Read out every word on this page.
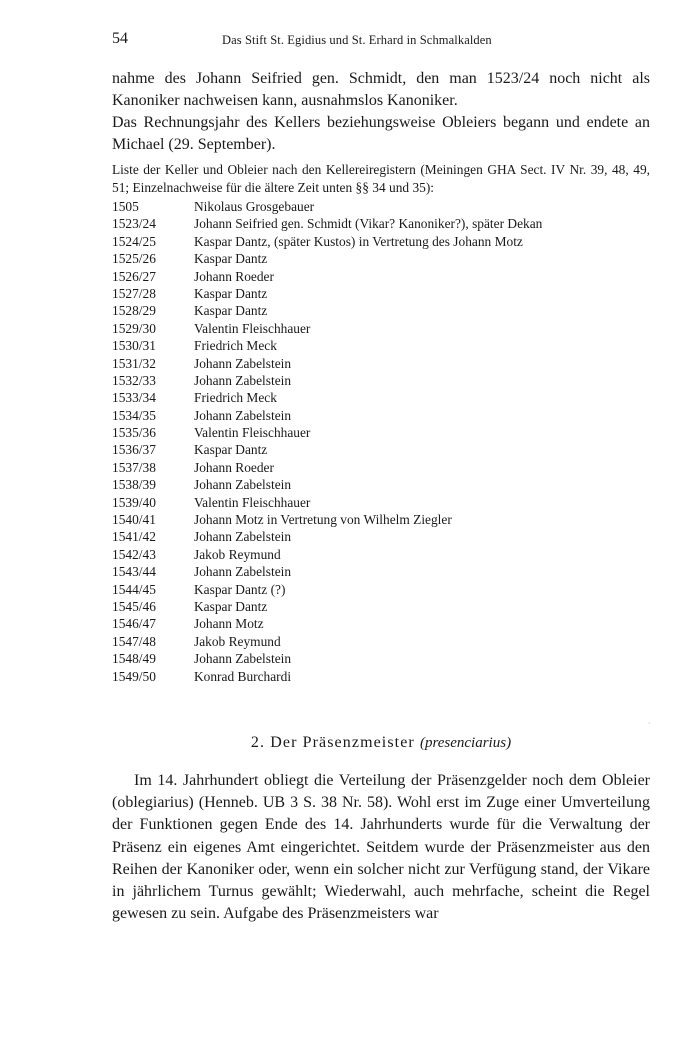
54	Das Stift St. Egidius und St. Erhard in Schmalkalden

nahme des Johann Seifried gen. Schmidt, den man 1523/24 noch nicht als Kanoniker nachweisen kann, ausnahmslos Kanoniker.

Das Rechnungsjahr des Kellers beziehungsweise Obleiers begann und endete an Michael (29. September).

Liste der Keller und Obleier nach den Kellereiregistern (Meiningen GHA Sect. IV Nr. 39, 48, 49, 51; Einzelnachweise für die ältere Zeit unten §§ 34 und 35):
1505	Nikolaus Grosgebauer
1523/24	Johann Seifried gen. Schmidt (Vikar? Kanoniker?), später Dekan
1524/25	Kaspar Dantz, (später Kustos) in Vertretung des Johann Motz
1525/26	Kaspar Dantz
1526/27	Johann Roeder
1527/28	Kaspar Dantz
1528/29	Kaspar Dantz
1529/30	Valentin Fleischhauer
1530/31	Friedrich Meck
1531/32	Johann Zabelstein
1532/33	Johann Zabelstein
1533/34	Friedrich Meck
1534/35	Johann Zabelstein
1535/36	Valentin Fleischhauer
1536/37	Kaspar Dantz
1537/38	Johann Roeder
1538/39	Johann Zabelstein
1539/40	Valentin Fleischhauer
1540/41	Johann Motz in Vertretung von Wilhelm Ziegler
1541/42	Johann Zabelstein
1542/43	Jakob Reymund
1543/44	Johann Zabelstein
1544/45	Kaspar Dantz (?)
1545/46	Kaspar Dantz
1546/47	Johann Motz
1547/48	Jakob Reymund
1548/49	Johann Zabelstein
1549/50	Konrad Burchardi
·
2. Der Präsenzmeister (presenciarius)

Im 14. Jahrhundert obliegt die Verteilung der Präsenzgelder noch dem Obleier (oblegiarius) (Henneb. UB 3 S. 38 Nr. 58). Wohl erst im Zuge einer Umverteilung der Funktionen gegen Ende des 14. Jahrhunderts wurde für die Verwaltung der Präsenz ein eigenes Amt eingerichtet. Seitdem wurde der Präsenzmeister aus den Reihen der Kanoniker oder, wenn ein solcher nicht zur Verfügung stand, der Vikare in jährlichem Turnus gewählt; Wiederwahl, auch mehrfache, scheint die Regel gewesen zu sein. Aufgabe des Präsenzmeisters war
